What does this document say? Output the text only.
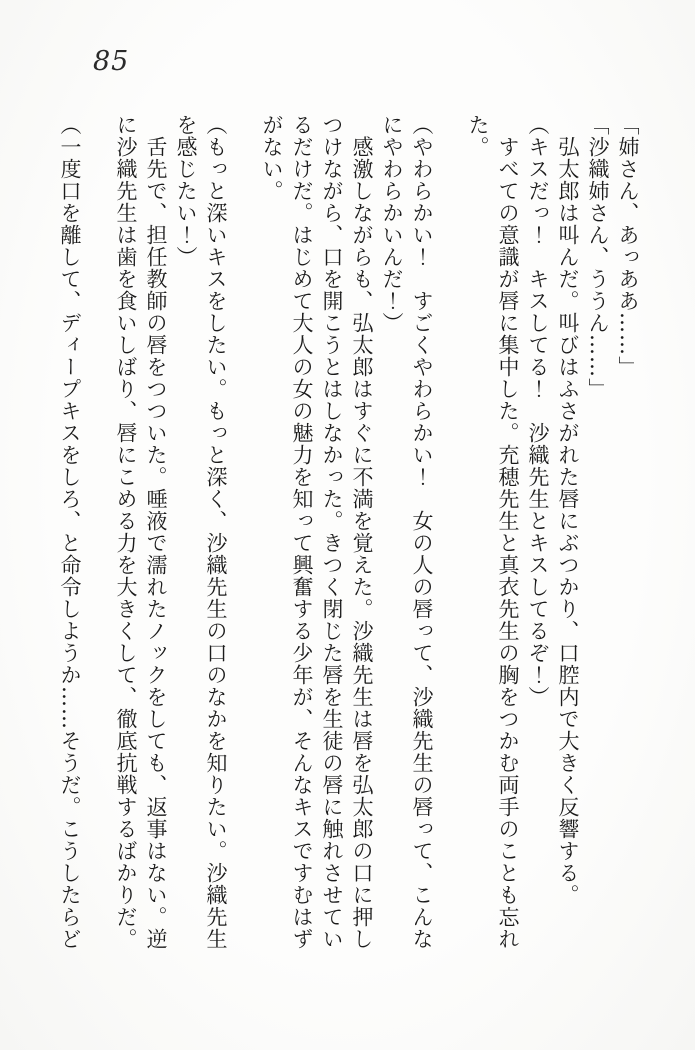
85

「姉さん、あっああ……」

「沙織姉さん、ううん……」

　弘太郎は叫んだ。叫びはふさがれた唇にぶつかり、口腔内で大きく反響する。

（キスだっ！　キスしてる！　沙織先生とキスしてるぞ！）

　すべての意識が唇に集中した。充穂先生と真衣先生の胸をつかむ両手のことも忘れ

た。

（やわらかい！　すごくやわらかい！　女の人の唇って、沙織先生の唇って、こんな

にやわらかいんだ！）

　感激しながらも、弘太郎はすぐに不満を覚えた。沙織先生は唇を弘太郎の口に押し

つけながら、口を開こうとはしなかった。きつく閉じた唇を生徒の唇に触れさせてい

るだけだ。はじめて大人の女の魅力を知って興奮する少年が、そんなキスですむはず

がない。

（もっと深いキスをしたい。もっと深く、沙織先生の口のなかを知りたい。沙織先生

を感じたい！）

　舌先で、担任教師の唇をつついた。唾液で濡れたノックをしても、返事はない。逆

に沙織先生は歯を食いしばり、唇にこめる力を大きくして、徹底抗戦するばかりだ。

（一度口を離して、ディープキスをしろ、と命令しようか……そうだ。こうしたらど
